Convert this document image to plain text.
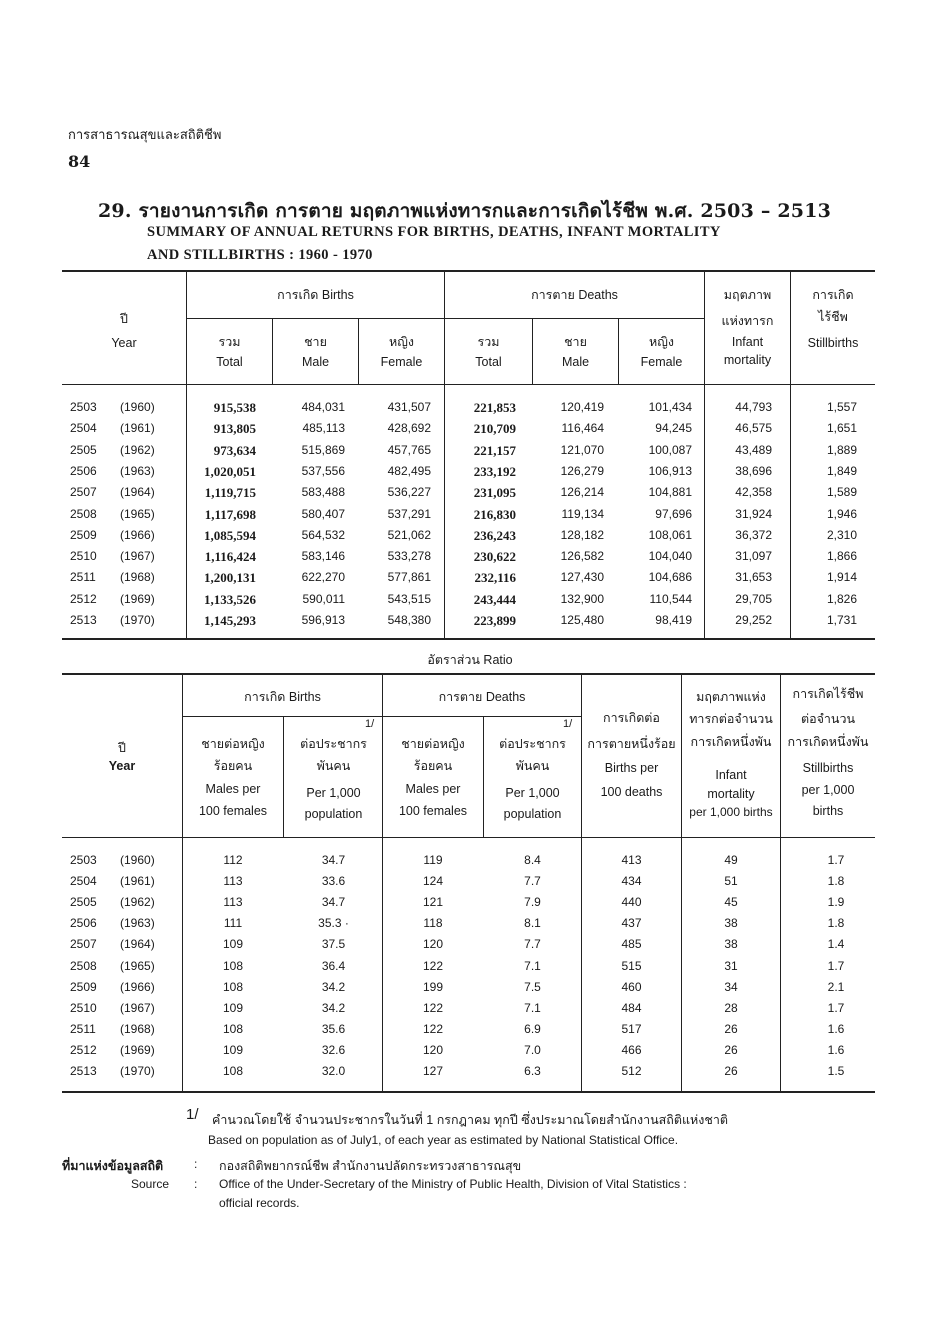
การสาธารณสุขและสถิติชีพ
84
29. รายงานการเกิด การตาย มฤตภาพแห่งทารกและการเกิดไร้ชีพ พ.ศ. 2503 – 2513
SUMMARY OF ANNUAL RETURNS FOR BIRTHS, DEATHS, INFANT MORTALITY
AND STILLBIRTHS : 1960 - 1970
ปี
Year
การเกิด Births	การตาย Deaths
รวม
Total
ชาย
Male
หญิง
Female
รวม
Total
ชาย
Male
หญิง
Female
มฤตภาพ
แห่งทารก
Infant
mortality
การเกิด
ไร้ชีพ
Stillbirths
2503	(1960)	915,538	484,031	431,507	221,853	120,419	101,434	44,793	1,557
2504	(1961)	913,805	485,113	428,692	210,709	116,464	94,245	46,575	1,651
2505	(1962)	973,634	515,869	457,765	221,157	121,070	100,087	43,489	1,889
2506	(1963)	1,020,051	537,556	482,495	233,192	126,279	106,913	38,696	1,849
2507	(1964)	1,119,715	583,488	536,227	231,095	126,214	104,881	42,358	1,589
2508	(1965)	1,117,698	580,407	537,291	216,830	119,134	97,696	31,924	1,946
2509	(1966)	1,085,594	564,532	521,062	236,243	128,182	108,061	36,372	2,310
2510	(1967)	1,116,424	583,146	533,278	230,622	126,582	104,040	31,097	1,866
2511	(1968)	1,200,131	622,270	577,861	232,116	127,430	104,686	31,653	1,914
2512	(1969)	1,133,526	590,011	543,515	243,444	132,900	110,544	29,705	1,826
2513	(1970)	1,145,293	596,913	548,380	223,899	125,480	98,419	29,252	1,731
อัตราส่วน Ratio
ปี
Year
การเกิด Births	การตาย Deaths
ชายต่อหญิง
ร้อยคน
Males per
100 females
ต่อประชากร
1/
พันคน
Per 1,000
population
ชายต่อหญิง
ร้อยคน
Males per
100 females
ต่อประชากร
1/
พันคน
Per 1,000
population
การเกิดต่อ
การตายหนึ่งร้อย
Births per
100 deaths
มฤตภาพแห่ง
ทารกต่อจำนวน
การเกิดหนึ่งพัน
Infant
mortality
per 1,000 births
การเกิดไร้ชีพ
ต่อจำนวน
การเกิดหนึ่งพัน
Stillbirths
per 1,000
births
2503	(1960)	112	34.7	119	8.4	413	49	1.7
2504	(1961)	113	33.6	124	7.7	434	51	1.8
2505	(1962)	113	34.7	121	7.9	440	45	1.9
2506	(1963)	111	35.3 ·	118	8.1	437	38	1.8
2507	(1964)	109	37.5	120	7.7	485	38	1.4
2508	(1965)	108	36.4	122	7.1	515	31	1.7
2509	(1966)	108	34.2	199	7.5	460	34	2.1
2510	(1967)	109	34.2	122	7.1	484	28	1.7
2511	(1968)	108	35.6	122	6.9	517	26	1.6
2512	(1969)	109	32.6	120	7.0	466	26	1.6
2513	(1970)	108	32.0	127	6.3	512	26	1.5
1/ คำนวณโดยใช้ จำนวนประชากรในวันที่ 1 กรกฎาคม ทุกปี ซึ่งประมาณโดยสำนักงานสถิติแห่งชาติ
Based on population as of July1, of each year as estimated by National Statistical Office.
ที่มาแห่งข้อมูลสถิติ	: กองสถิติพยากรณ์ชีพ สำนักงานปลัดกระทรวงสาธารณสุข
Source : Office of the Under-Secretary of the Ministry of Public Health, Division of Vital Statistics :
official records.
